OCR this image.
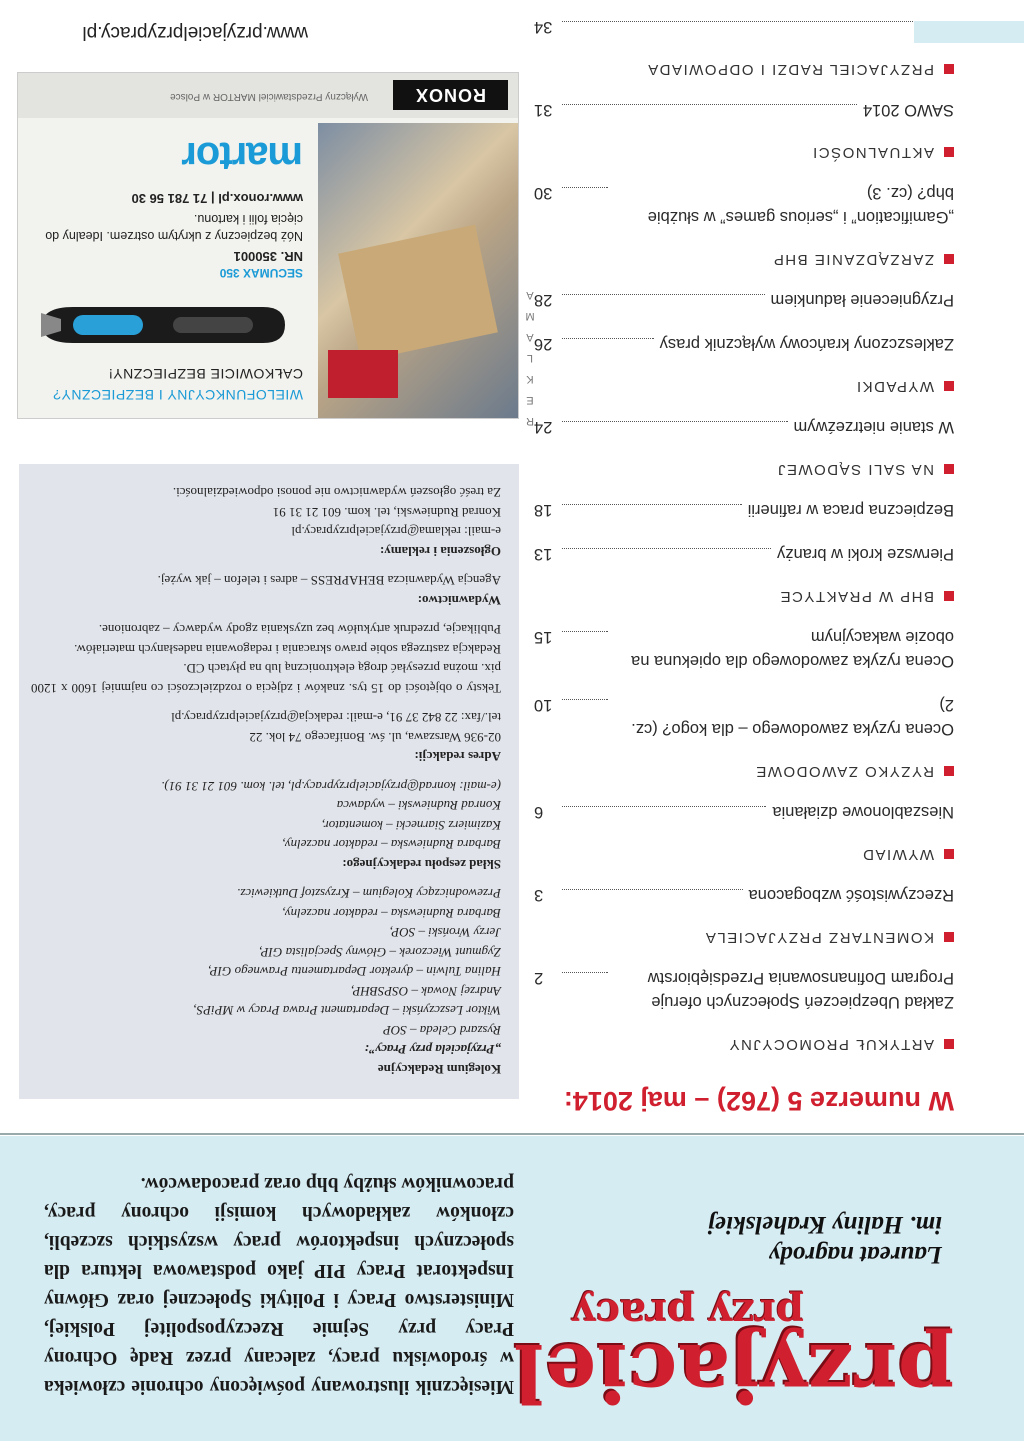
przyjaciel
przy pracy
Laureat nagrody
im. Haliny Krahelskiej
Miesięcznik ilustrowany poświęcony ochronie człowieka w środowisku pracy, zalecany przez Radę Ochrony Pracy przy Sejmie Rzeczypospolitej Polskiej, Ministerstwo Pracy i Polityki Społecznej oraz Główny Inspektorat Pracy PIP jako podstawowa lektura dla społecznych inspektorów pracy wszystkich szczebli, członków zakładowych komisji ochrony pracy, pracowników służby bhp oraz pracodawców.
W numerze 5 (762) – maj 2014:
ARTYKUŁ PROMOCYJNY
Zakład Ubezpieczeń Społecznych oferuje Program Dofinansowania Przedsiębiorstw
2
KOMENTARZ PRZYJACIELA
Rzeczywistość wzbogacona
3
WYWIAD
Nieszablonowe działania
6
RYZYKO ZAWODOWE
Ocena ryzyka zawodowego – dla kogo? (cz. 2)
10
Ocena ryzyka zawodowego dla opiekuna na obozie wakacyjnym
15
BHP W PRAKTYCE
Pierwsze kroki w branży
13
Bezpieczna praca w rafinerii
18
NA SALI SĄDOWEJ
W stanie nietrzeźwym
24
WYPADKI
Zakleszczony krańcowy wyłącznik prasy
26
Przygniecenie ładunkiem
28
ZARZĄDZANIE BHP
„Gamification” i „serious games” w służbie bhp? (cz. 3)
30
AKTUALNOŚCI
SAWO 2014
31
PRZYJACIEL RADZI I ODPOWIADA
34
Kolegium Redakcyjne
„Przyjaciela przy Pracy”:
Ryszard Celeda – SOP
Wiktor Leszczyński – Departament Prawa Pracy w MPiPS,
Andrzej Nowak – OSPSBHP,
Halina Tulwin – dyrektor Departamentu Prawnego GIP,
Zygmunt Wieczorek – Główny Specjalista GIP,
Jerzy Wroński – SOP,
Barbara Rudniewska – redaktor naczelny,
Przewodniczący Kolegium – Krzysztof Dutkiewicz.
Skład zespołu redakcyjnego:
Barbara Rudniewska – redaktor naczelny,
Kazimierz Siarnecki – komentator,
Konrad Rudniewski – wydawca
(e-mail: konrad@przyjacielprzypracy.pl, tel. kom. 601 21 31 91).
Adres redakcji:
02-936 Warszawa, ul. św. Bonifacego 74 lok. 22
tel./fax: 22 842 37 91, e-mail: redakcja@przyjacielprzypracy.pl
Teksty o objętości do 15 tys. znaków i zdjęcia o rozdzielczości co najmniej 1600 x 1200 pix. można przesyłać drogą elektroniczną lub na płytach CD.
Redakcja zastrzega sobie prawo skracania i redagowania nadesłanych materiałów.
Publikacje, przedruk artykułów bez uzyskania zgody wydawcy – zabronione.
Wydawnictwo:
Agencja Wydawnicza BEHAPRESS – adres i telefon – jak wyżej.
Ogłoszenia i reklamy:
e-mail: reklama@przyjacielprzypracy.pl
Konrad Rudniewski, tel. kom. 601 21 31 91
Za treść ogłoszeń wydawnictwo nie ponosi odpowiedzialności.
REKLAMA
WIELOFUNKCYJNY I BEZPIECZNY?
CAŁKOWICIE BEZPIECZNY!
SECUMAX 350
NR. 350001
Nóż bezpieczny z ukrytym ostrzem. Idealny do cięcia folii i kartonu.
www.ronox.pl | 71 781 56 30
martor
RONOX
Wyłączny Przedstawiciel MARTOR w Polsce
www.przyjacielprzypracy.pl
